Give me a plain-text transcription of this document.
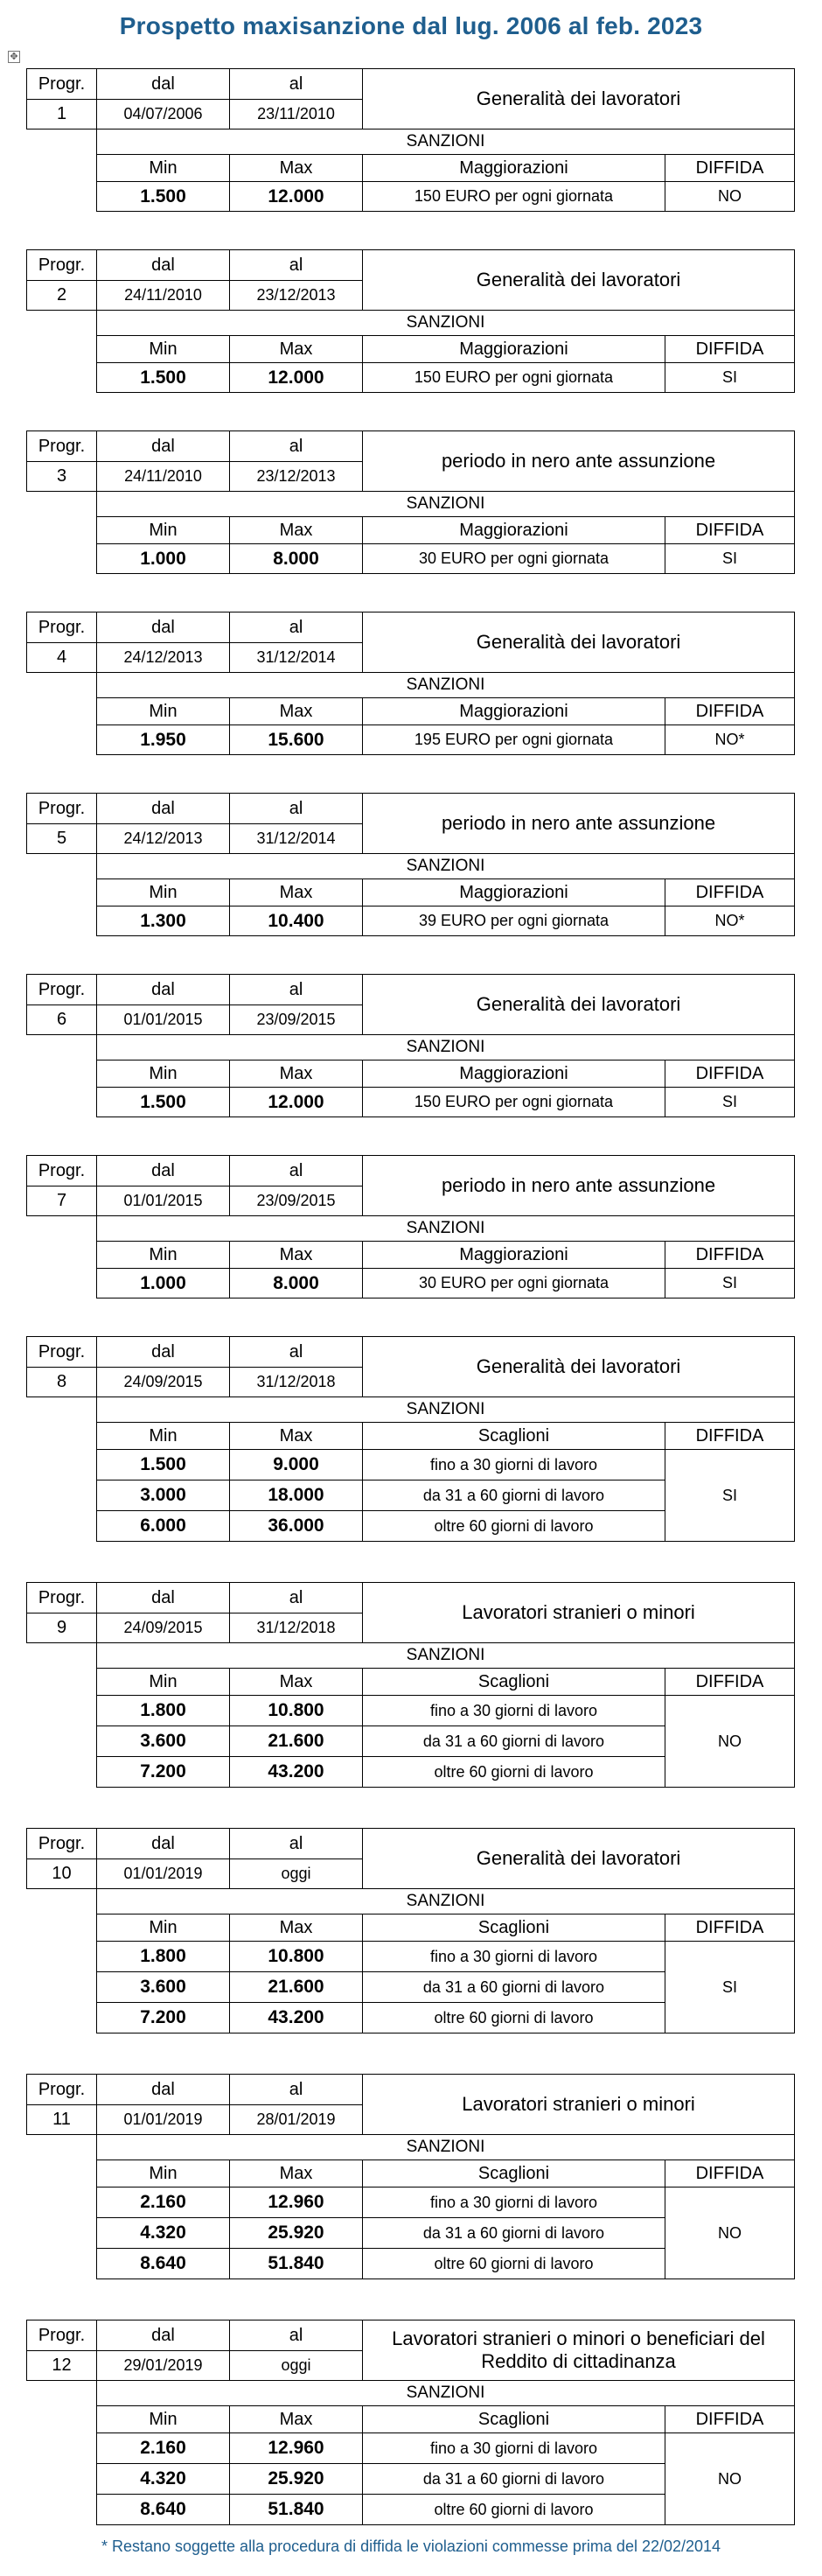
Prospetto maxisanzione dal lug. 2006 al feb. 2023
✥
Progr.	dal	al	Generalità dei lavoratori	
1	04/07/2006	23/11/2010		
	SANZIONI			
	Min	Max	Maggiorazioni	DIFFIDA
	1.500	12.000	150 EURO per ogni giornata	NO
Progr.	dal	al	Generalità dei lavoratori	
2	24/11/2010	23/12/2013		
	SANZIONI			
	Min	Max	Maggiorazioni	DIFFIDA
	1.500	12.000	150 EURO per ogni giornata	SI
Progr.	dal	al	periodo in nero ante assunzione	
3	24/11/2010	23/12/2013		
	SANZIONI			
	Min	Max	Maggiorazioni	DIFFIDA
	1.000	8.000	30 EURO per ogni giornata	SI
Progr.	dal	al	Generalità dei lavoratori	
4	24/12/2013	31/12/2014		
	SANZIONI			
	Min	Max	Maggiorazioni	DIFFIDA
	1.950	15.600	195 EURO per ogni giornata	NO*
Progr.	dal	al	periodo in nero ante assunzione	
5	24/12/2013	31/12/2014		
	SANZIONI			
	Min	Max	Maggiorazioni	DIFFIDA
	1.300	10.400	39 EURO per ogni giornata	NO*
Progr.	dal	al	Generalità dei lavoratori	
6	01/01/2015	23/09/2015		
	SANZIONI			
	Min	Max	Maggiorazioni	DIFFIDA
	1.500	12.000	150 EURO per ogni giornata	SI
Progr.	dal	al	periodo in nero ante assunzione	
7	01/01/2015	23/09/2015		
	SANZIONI			
	Min	Max	Maggiorazioni	DIFFIDA
	1.000	8.000	30 EURO per ogni giornata	SI
Progr.	dal	al	Generalità dei lavoratori	
8	24/09/2015	31/12/2018		
	SANZIONI			
	Min	Max	Scaglioni	DIFFIDA
	1.500	9.000	fino a 30 giorni di lavoro	SI
	3.000	18.000	da 31 a 60 giorni di lavoro	
	6.000	36.000	oltre 60 giorni di lavoro	
Progr.	dal	al	Lavoratori stranieri o minori	
9	24/09/2015	31/12/2018		
	SANZIONI			
	Min	Max	Scaglioni	DIFFIDA
	1.800	10.800	fino a 30 giorni di lavoro	NO
	3.600	21.600	da 31 a 60 giorni di lavoro	
	7.200	43.200	oltre 60 giorni di lavoro	
Progr.	dal	al	Generalità dei lavoratori	
10	01/01/2019	oggi		
	SANZIONI			
	Min	Max	Scaglioni	DIFFIDA
	1.800	10.800	fino a 30 giorni di lavoro	SI
	3.600	21.600	da 31 a 60 giorni di lavoro	
	7.200	43.200	oltre 60 giorni di lavoro	
Progr.	dal	al	Lavoratori stranieri o minori	
11	01/01/2019	28/01/2019		
	SANZIONI			
	Min	Max	Scaglioni	DIFFIDA
	2.160	12.960	fino a 30 giorni di lavoro	NO
	4.320	25.920	da 31 a 60 giorni di lavoro	
	8.640	51.840	oltre 60 giorni di lavoro	
Progr.	dal	al	Lavoratori stranieri o minori o beneficiari del Reddito di cittadinanza	
12	29/01/2019	oggi		
	SANZIONI			
	Min	Max	Scaglioni	DIFFIDA
	2.160	12.960	fino a 30 giorni di lavoro	NO
	4.320	25.920	da 31 a 60 giorni di lavoro	
	8.640	51.840	oltre 60 giorni di lavoro	
* Restano soggette alla procedura di diffida le violazioni commesse prima del 22/02/2014
